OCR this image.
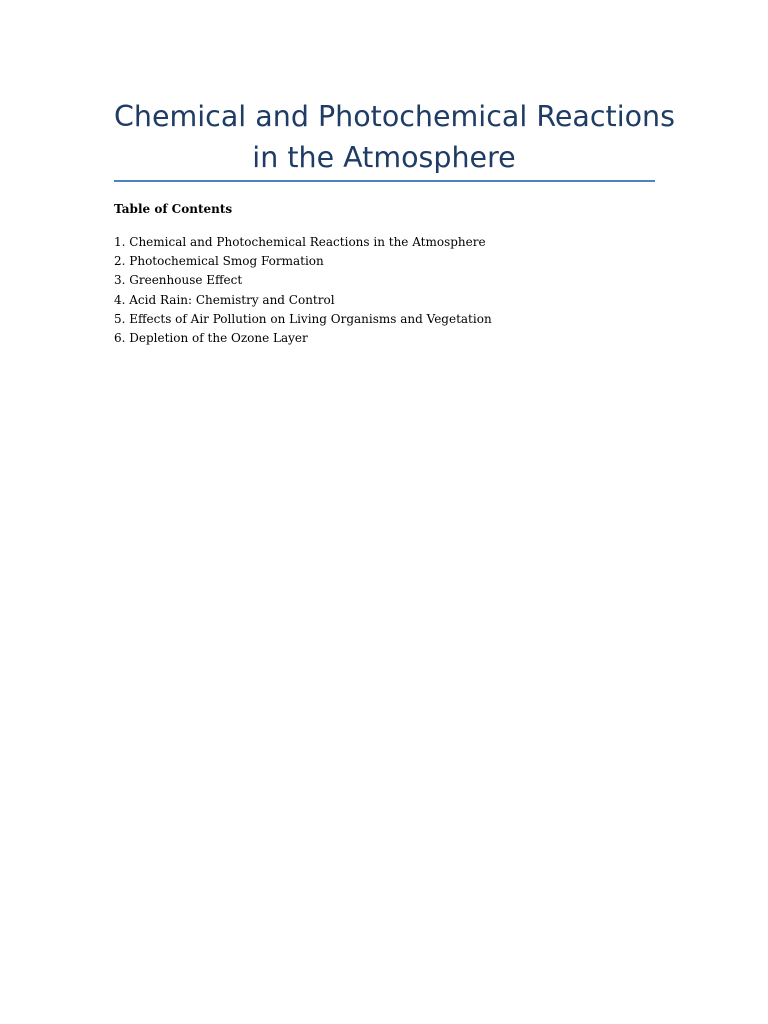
Chemical and Photochemical Reactions
in the Atmosphere

Table of Contents

1. Chemical and Photochemical Reactions in the Atmosphere
2. Photochemical Smog Formation
3. Greenhouse Effect
4. Acid Rain: Chemistry and Control
5. Effects of Air Pollution on Living Organisms and Vegetation
6. Depletion of the Ozone Layer
